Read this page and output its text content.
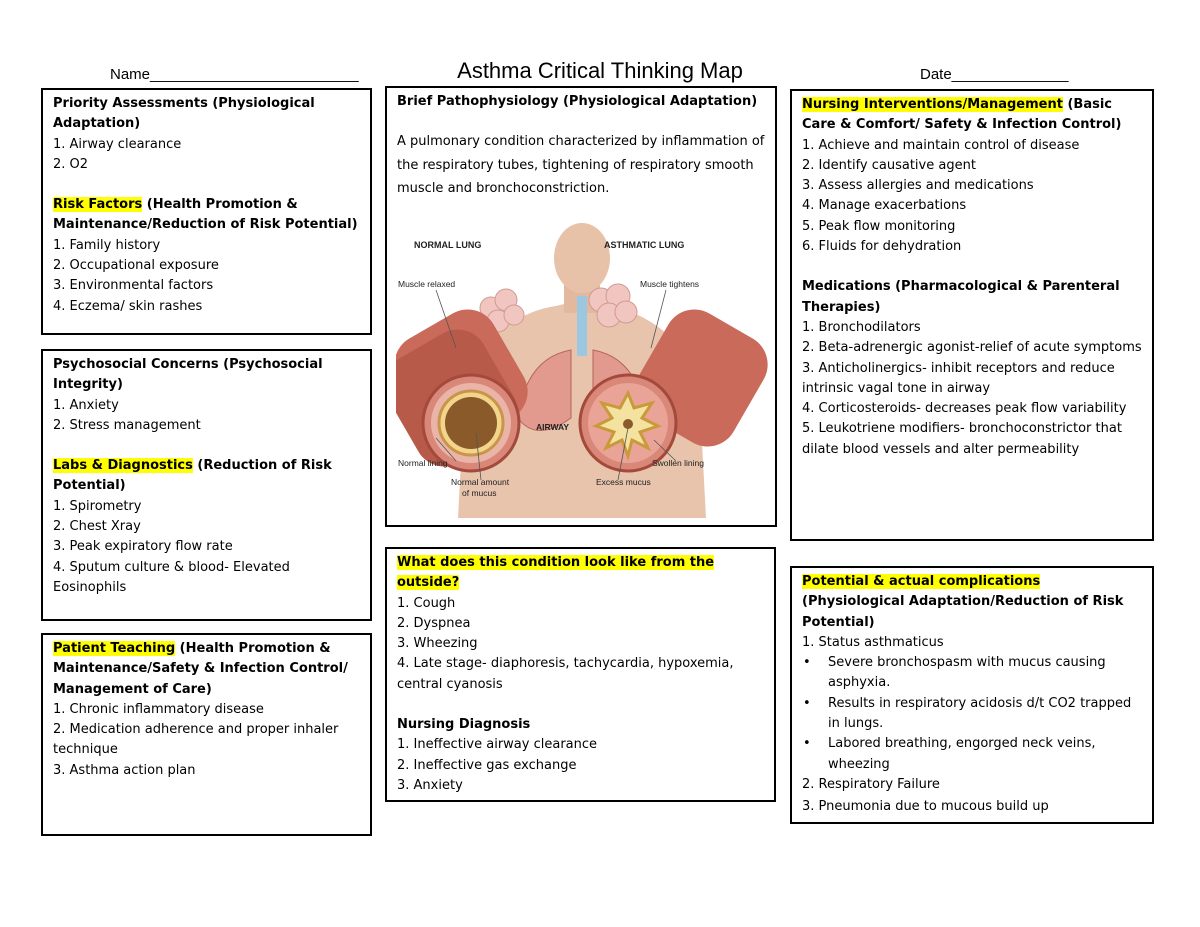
Name_________________________	Asthma Critical Thinking Map	Date______________

Priority Assessments (Physiological Adaptation)

1. Airway clearance

2. O2

Risk Factors (Health Promotion & Maintenance/Reduction of Risk Potential)

1. Family history

2. Occupational exposure

3. Environmental factors

4. Eczema/ skin rashes

Psychosocial Concerns (Psychosocial Integrity)

1. Anxiety

2. Stress management

Labs & Diagnostics (Reduction of Risk Potential)

1. Spirometry

2. Chest Xray

3. Peak expiratory flow rate

4. Sputum culture & blood- Elevated Eosinophils

Patient Teaching (Health Promotion & Maintenance/Safety & Infection Control/ Management of Care)

1. Chronic inflammatory disease

2. Medication adherence and proper inhaler technique

3. Asthma action plan

Brief Pathophysiology (Physiological Adaptation)

A pulmonary condition characterized by inflammation of the respiratory tubes, tightening of respiratory smooth muscle and bronchoconstriction.

NORMAL LUNG	ASTHMATIC LUNG
Muscle relaxed	Muscle tightens
AIRWAY
Normal lining	Swollen lining
Normal amount
of mucus
Excess mucus

What does this condition look like from the outside?

1. Cough

2. Dyspnea

3. Wheezing

4. Late stage- diaphoresis, tachycardia, hypoxemia, central cyanosis

Nursing Diagnosis

1. Ineffective airway clearance

2. Ineffective gas exchange

3. Anxiety

Nursing Interventions/Management (Basic Care & Comfort/ Safety & Infection Control)

1. Achieve and maintain control of disease

2. Identify causative agent

3. Assess allergies and medications

4. Manage exacerbations

5. Peak flow monitoring

6. Fluids for dehydration

Medications (Pharmacological & Parenteral Therapies)

1. Bronchodilators

2. Beta-adrenergic agonist-relief of acute symptoms

3. Anticholinergics- inhibit receptors and reduce intrinsic vagal tone in airway

4. Corticosteroids- decreases peak flow variability

5. Leukotriene modifiers- bronchoconstrictor that dilate blood vessels and alter permeability

Potential & actual complications (Physiological Adaptation/Reduction of Risk Potential)

1. Status asthmaticus

• Severe bronchospasm with mucus causing asphyxia.
• Results in respiratory acidosis d/t CO2 trapped in lungs.
• Labored breathing, engorged neck veins, wheezing

2. Respiratory Failure

3. Pneumonia due to mucous build up
